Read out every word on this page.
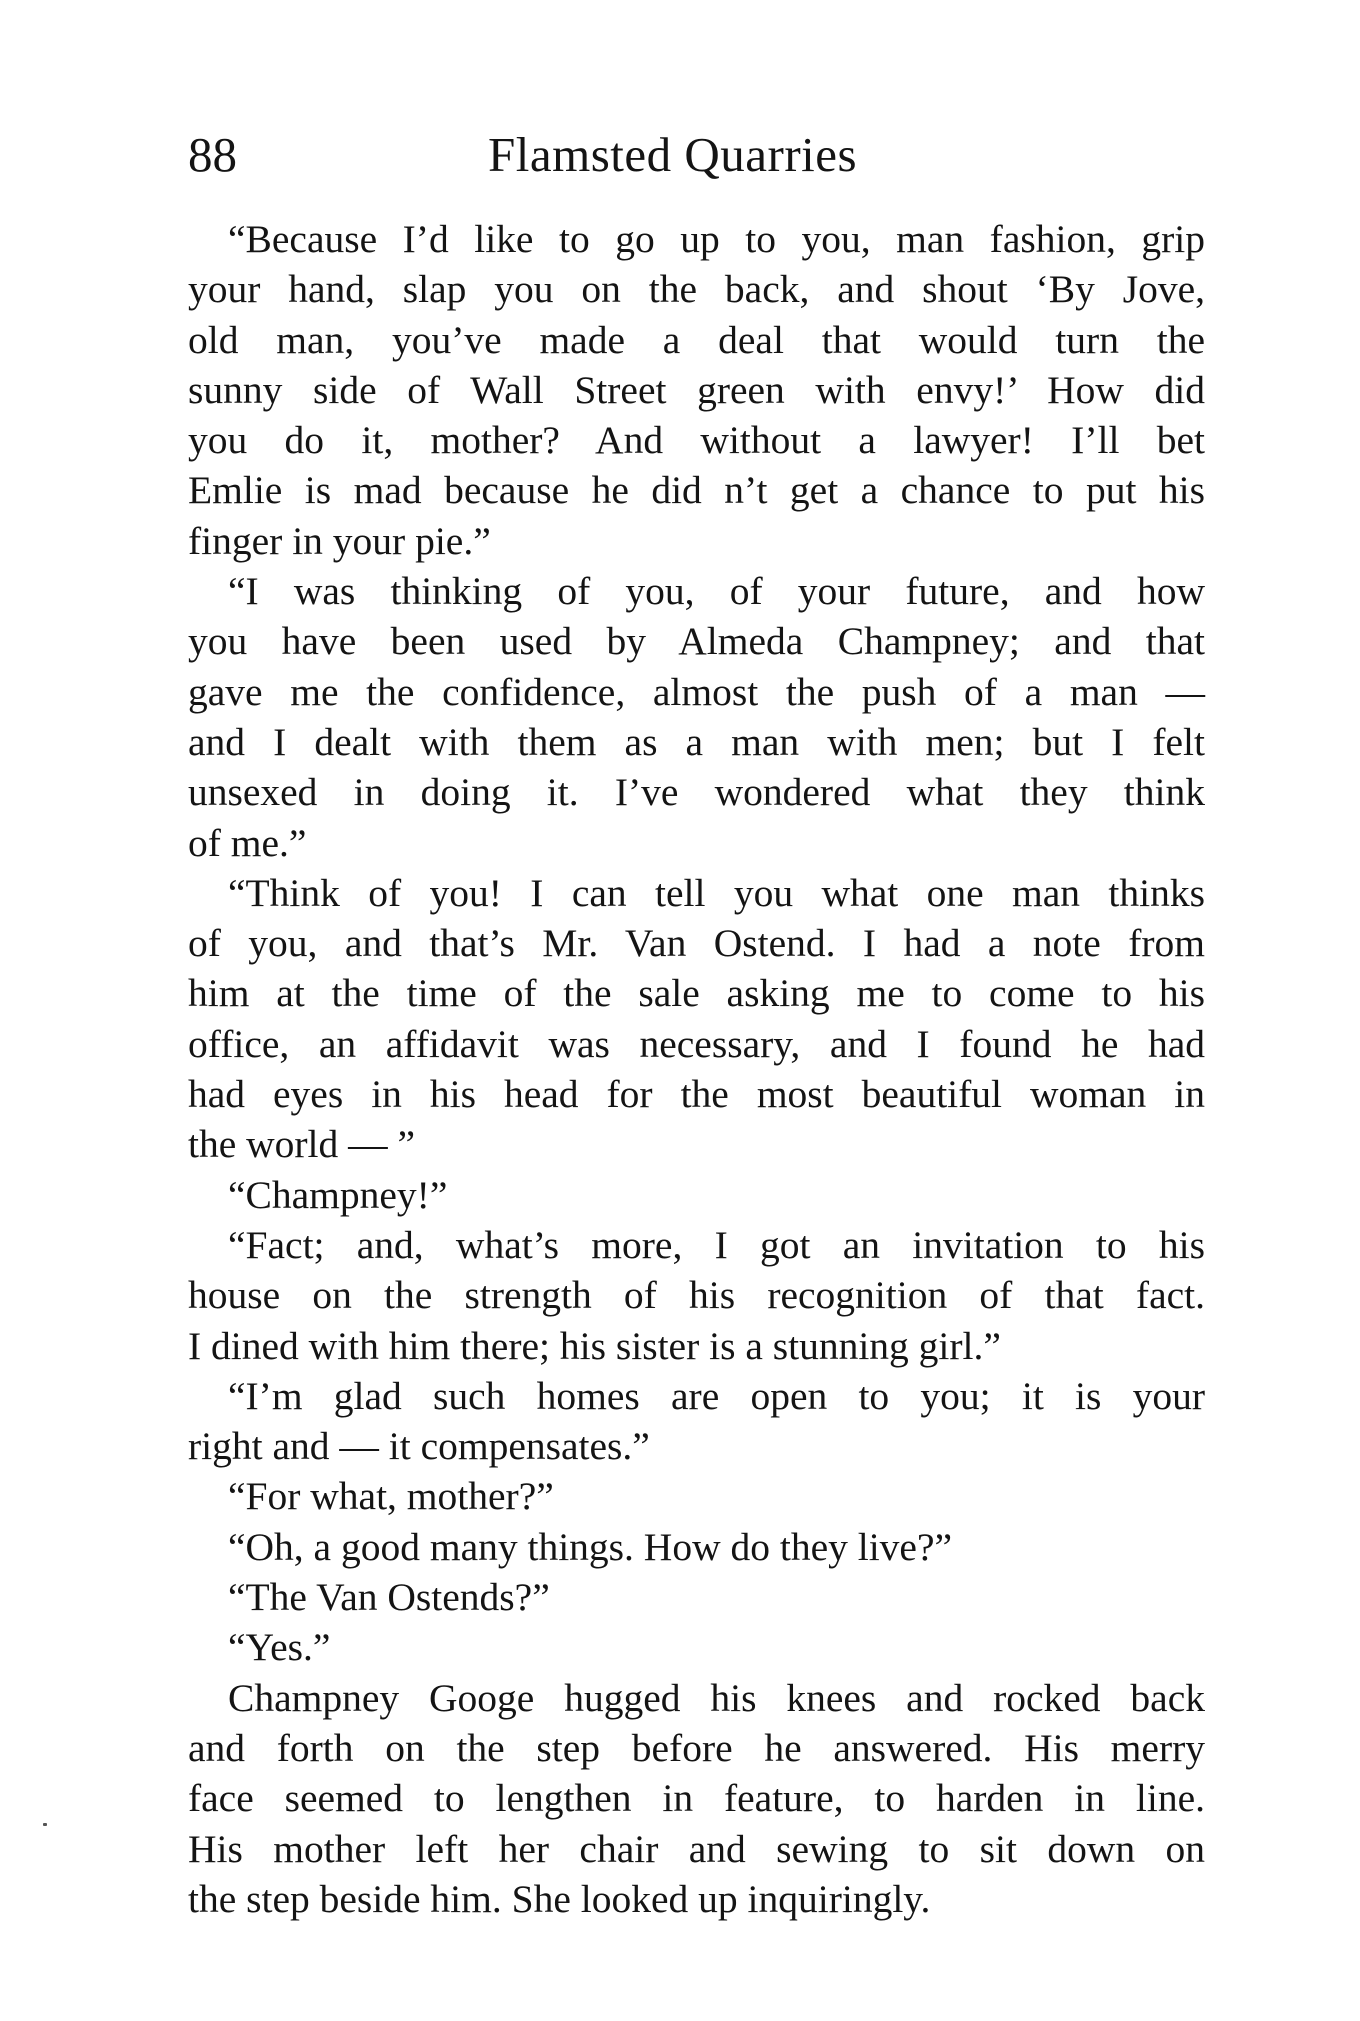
88	Flamsted Quarries
“Because I’d like to go up to you, man fashion, grip
your hand, slap you on the back, and shout ‘By Jove,
old man, you’ve made a deal that would turn the
sunny side of Wall Street green with envy!’ How did
you do it, mother? And without a lawyer! I’ll bet
Emlie is mad because he did n’t get a chance to put his
finger in your pie.”
“I was thinking of you, of your future, and how
you have been used by Almeda Champney; and that
gave me the confidence, almost the push of a man —
and I dealt with them as a man with men; but I felt
unsexed in doing it. I’ve wondered what they think
of me.”
“Think of you! I can tell you what one man thinks
of you, and that’s Mr. Van Ostend. I had a note from
him at the time of the sale asking me to come to his
office, an affidavit was necessary, and I found he had
had eyes in his head for the most beautiful woman in
the world — ”
“Champney!”
“Fact; and, what’s more, I got an invitation to his
house on the strength of his recognition of that fact.
I dined with him there; his sister is a stunning girl.”
“I’m glad such homes are open to you; it is your
right and — it compensates.”
“For what, mother?”
“Oh, a good many things. How do they live?”
“The Van Ostends?”
“Yes.”
Champney Googe hugged his knees and rocked back
and forth on the step before he answered. His merry
face seemed to lengthen in feature, to harden in line.
His mother left her chair and sewing to sit down on
the step beside him. She looked up inquiringly.
